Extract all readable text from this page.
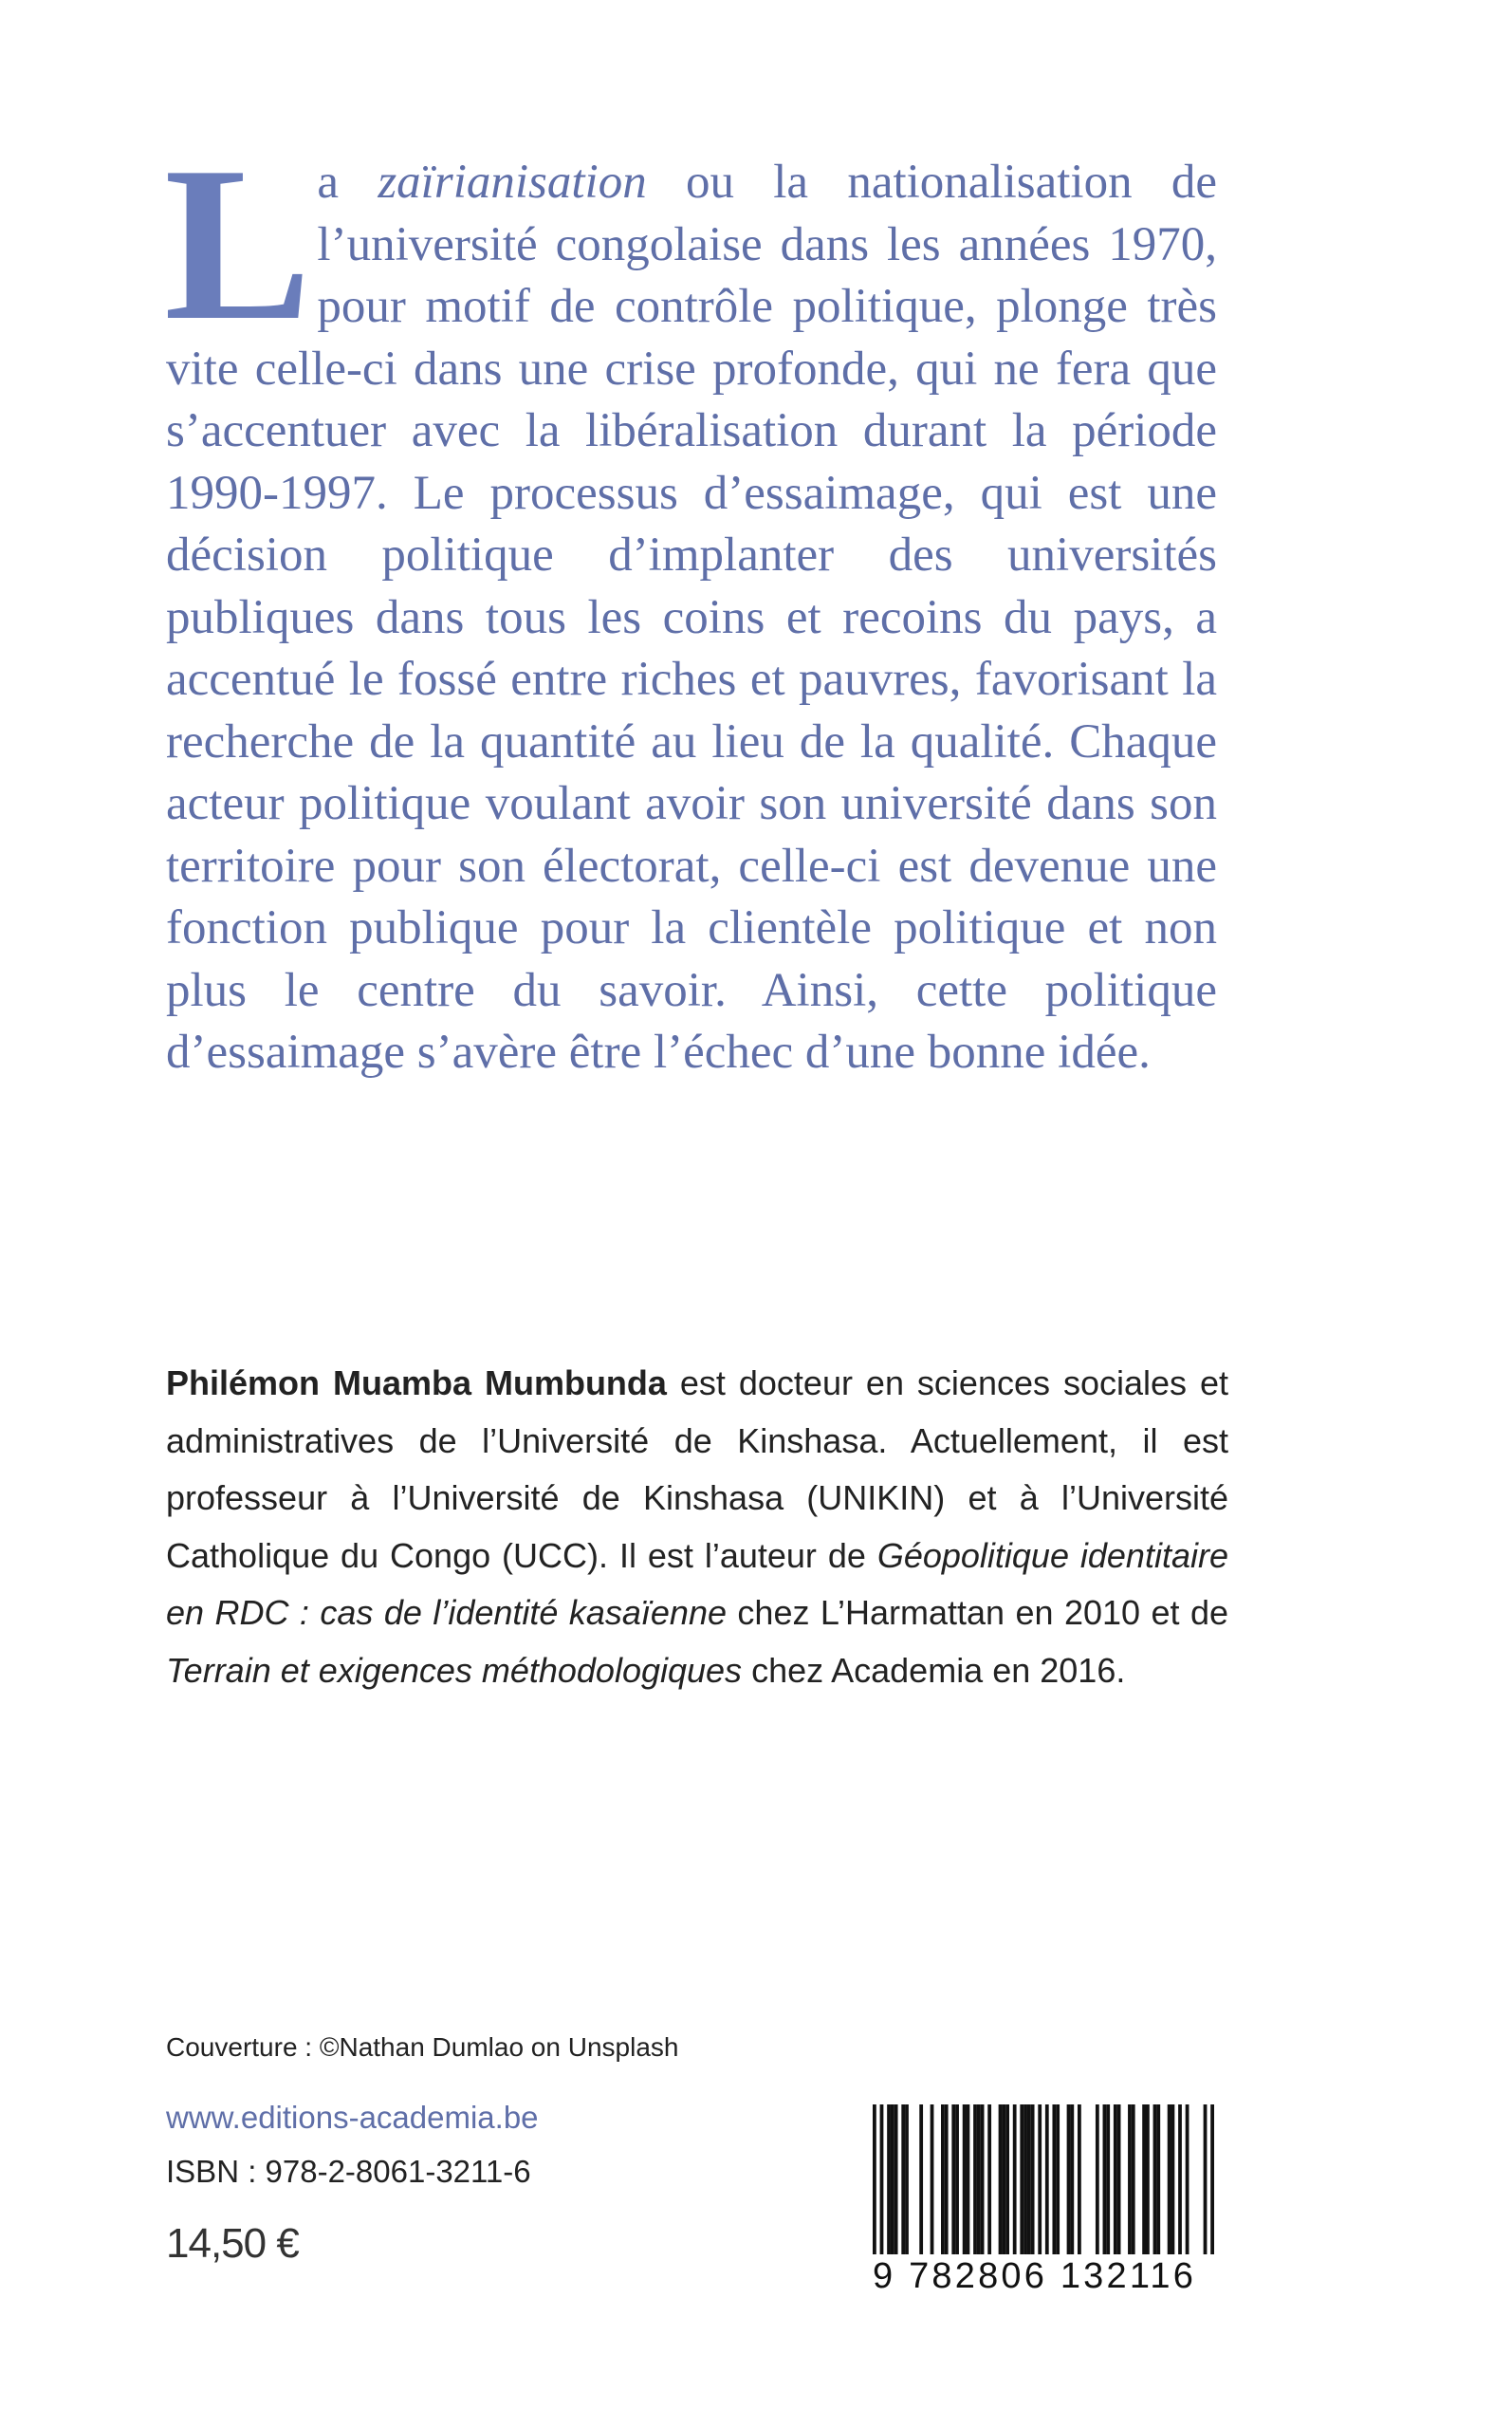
La zaïrianisation ou la nationalisation de l’université congolaise dans les années 1970, pour motif de contrôle politique, plonge très vite celle-ci dans une crise profonde, qui ne fera que s’accentuer avec la libéralisation durant la période 1990-1997. Le processus d’essaimage, qui est une décision politique d’implanter des universités publiques dans tous les coins et recoins du pays, a accentué le fossé entre riches et pauvres, favorisant la recherche de la quantité au lieu de la qualité. Chaque acteur politique voulant avoir son université dans son territoire pour son électorat, celle-ci est devenue une fonction publique pour la clientèle politique et non plus le centre du savoir. Ainsi, cette politique d’essaimage s’avère être l’échec d’une bonne idée.

Philémon Muamba Mumbunda est docteur en sciences sociales et administratives de l’Université de Kinshasa. Actuellement, il est professeur à l’Université de Kinshasa (UNIKIN) et à l’Université Catholique du Congo (UCC). Il est l’auteur de Géopolitique identitaire en RDC : cas de l’identité kasaïenne chez L’Harmattan en 2010 et de Terrain et exigences méthodologiques chez Academia en 2016.

Couverture : ©Nathan Dumlao on Unsplash

www.editions-academia.be

ISBN : 978-2-8061-3211-6

14,50 €

9 782806 132116
